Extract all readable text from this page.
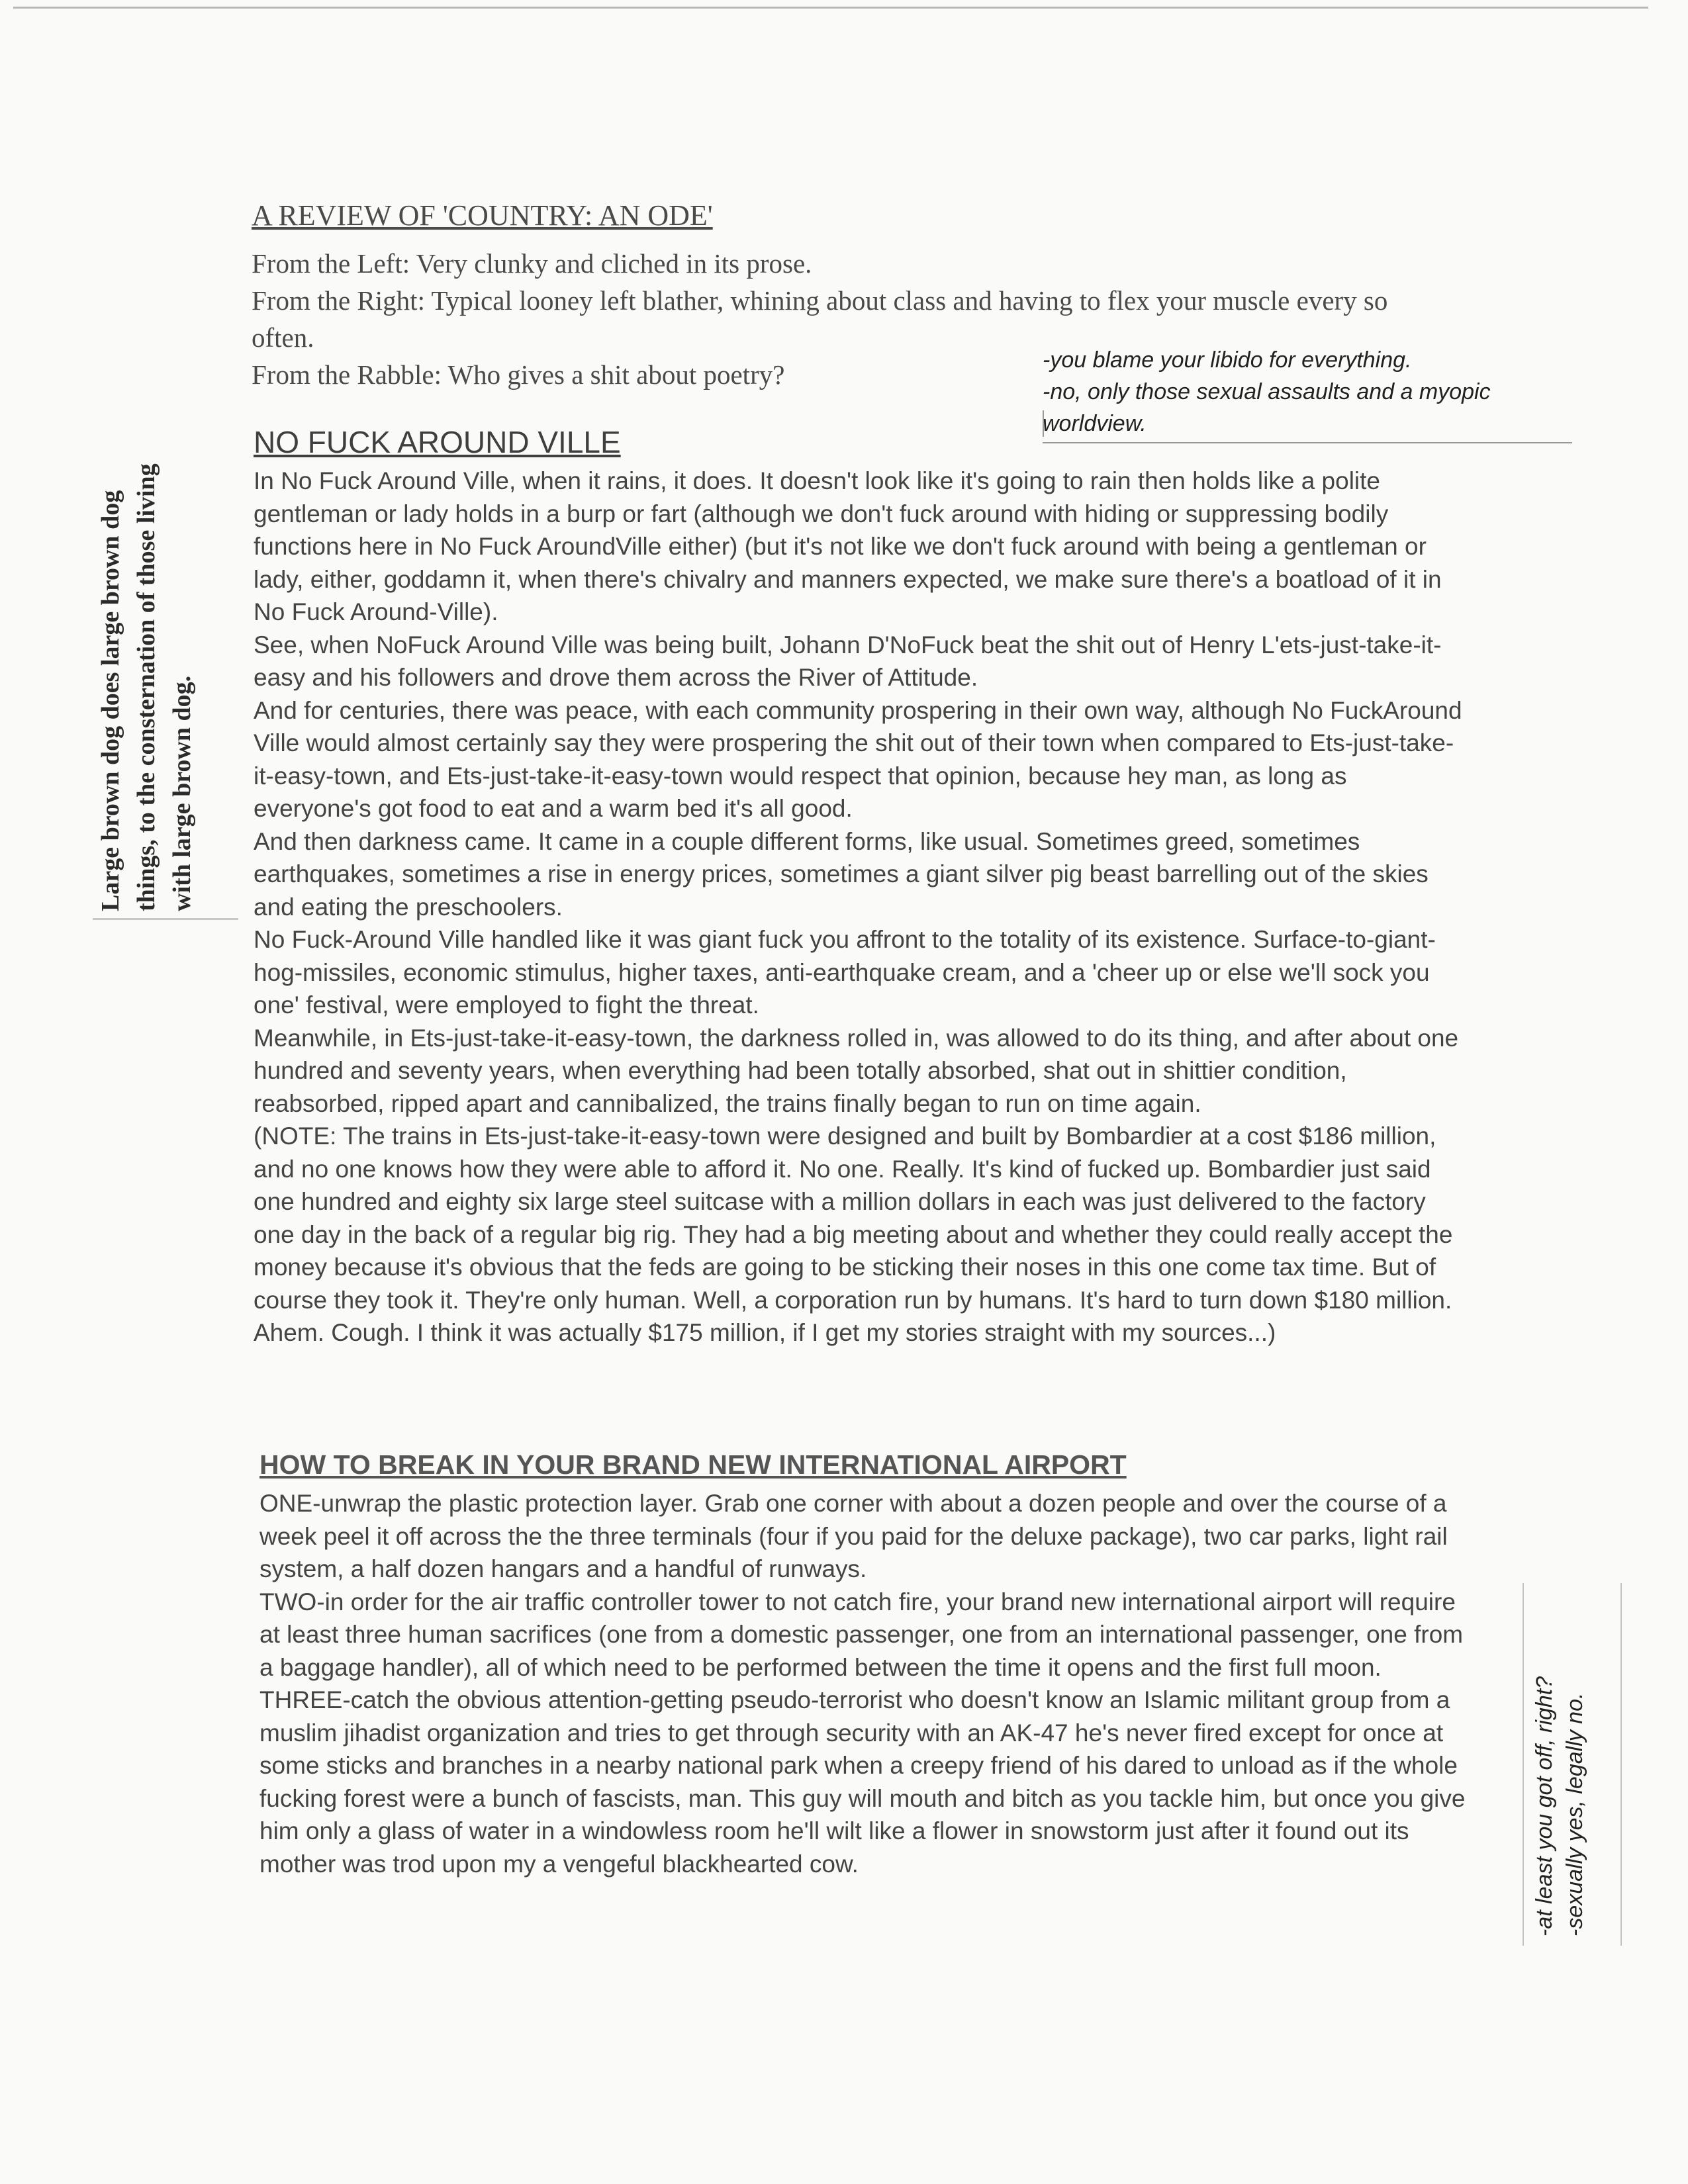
A REVIEW OF 'COUNTRY: AN ODE'

From the Left: Very clunky and cliched in its prose.

From the Right: Typical looney left blather, whining about class and having to flex your muscle every so often.

From the Rabble: Who gives a shit about poetry?	-you blame your libido for everything.
-no, only those sexual assaults and a myopic
worldview.
Large brown dog does large brown dog things, to the consternation of those living with large brown dog.
NO FUCK AROUND VILLE

In No Fuck Around Ville, when it rains, it does. It doesn't look like it's going to rain then holds like a polite gentleman or lady holds in a burp or fart (although we don't fuck around with hiding or suppressing bodily functions here in No Fuck AroundVille either) (but it's not like we don't fuck around with being a gentleman or lady, either, goddamn it, when there's chivalry and manners expected, we make sure there's a boatload of it in No Fuck Around-Ville).

See, when NoFuck Around Ville was being built, Johann D'NoFuck beat the shit out of Henry L'ets-just-take-it-easy and his followers and drove them across the River of Attitude.

And for centuries, there was peace, with each community prospering in their own way, although No FuckAround Ville would almost certainly say they were prospering the shit out of their town when compared to Ets-just-take-it-easy-town, and Ets-just-take-it-easy-town would respect that opinion, because hey man, as long as everyone's got food to eat and a warm bed it's all good.

And then darkness came. It came in a couple different forms, like usual. Sometimes greed, sometimes earthquakes, sometimes a rise in energy prices, sometimes a giant silver pig beast barrelling out of the skies and eating the preschoolers.

No Fuck-Around Ville handled like it was giant fuck you affront to the totality of its existence. Surface-to-giant-hog-missiles, economic stimulus, higher taxes, anti-earthquake cream, and a 'cheer up or else we'll sock you one' festival, were employed to fight the threat.

Meanwhile, in Ets-just-take-it-easy-town, the darkness rolled in, was allowed to do its thing, and after about one hundred and seventy years, when everything had been totally absorbed, shat out in shittier condition, reabsorbed, ripped apart and cannibalized, the trains finally began to run on time again.

(NOTE: The trains in Ets-just-take-it-easy-town were designed and built by Bombardier at a cost $186 million, and no one knows how they were able to afford it. No one. Really. It's kind of fucked up. Bombardier just said one hundred and eighty six large steel suitcase with a million dollars in each was just delivered to the factory one day in the back of a regular big rig. They had a big meeting about and whether they could really accept the money because it's obvious that the feds are going to be sticking their noses in this one come tax time. But of course they took it. They're only human. Well, a corporation run by humans. It's hard to turn down $180 million. Ahem. Cough. I think it was actually $175 million, if I get my stories straight with my sources...)

HOW TO BREAK IN YOUR BRAND NEW INTERNATIONAL AIRPORT

ONE-unwrap the plastic protection layer. Grab one corner with about a dozen people and over the course of a week peel it off across the the three terminals (four if you paid for the deluxe package), two car parks, light rail system, a half dozen hangars and a handful of runways.

TWO-in order for the air traffic controller tower to not catch fire, your brand new international airport will require at least three human sacrifices (one from a domestic passenger, one from an international passenger, one from a baggage handler), all of which need to be performed between the time it opens and the first full moon.

THREE-catch the obvious attention-getting pseudo-terrorist who doesn't know an Islamic militant group from a muslim jihadist organization and tries to get through security with an AK-47 he's never fired except for once at some sticks and branches in a nearby national park when a creepy friend of his dared to unload as if the whole fucking forest were a bunch of fascists, man. This guy will mouth and bitch as you tackle him, but once you give him only a glass of water in a windowless room he'll wilt like a flower in snowstorm just after it found out its mother was trod upon my a vengeful blackhearted cow.	-at least you got off, right? -sexually yes, legally no.
